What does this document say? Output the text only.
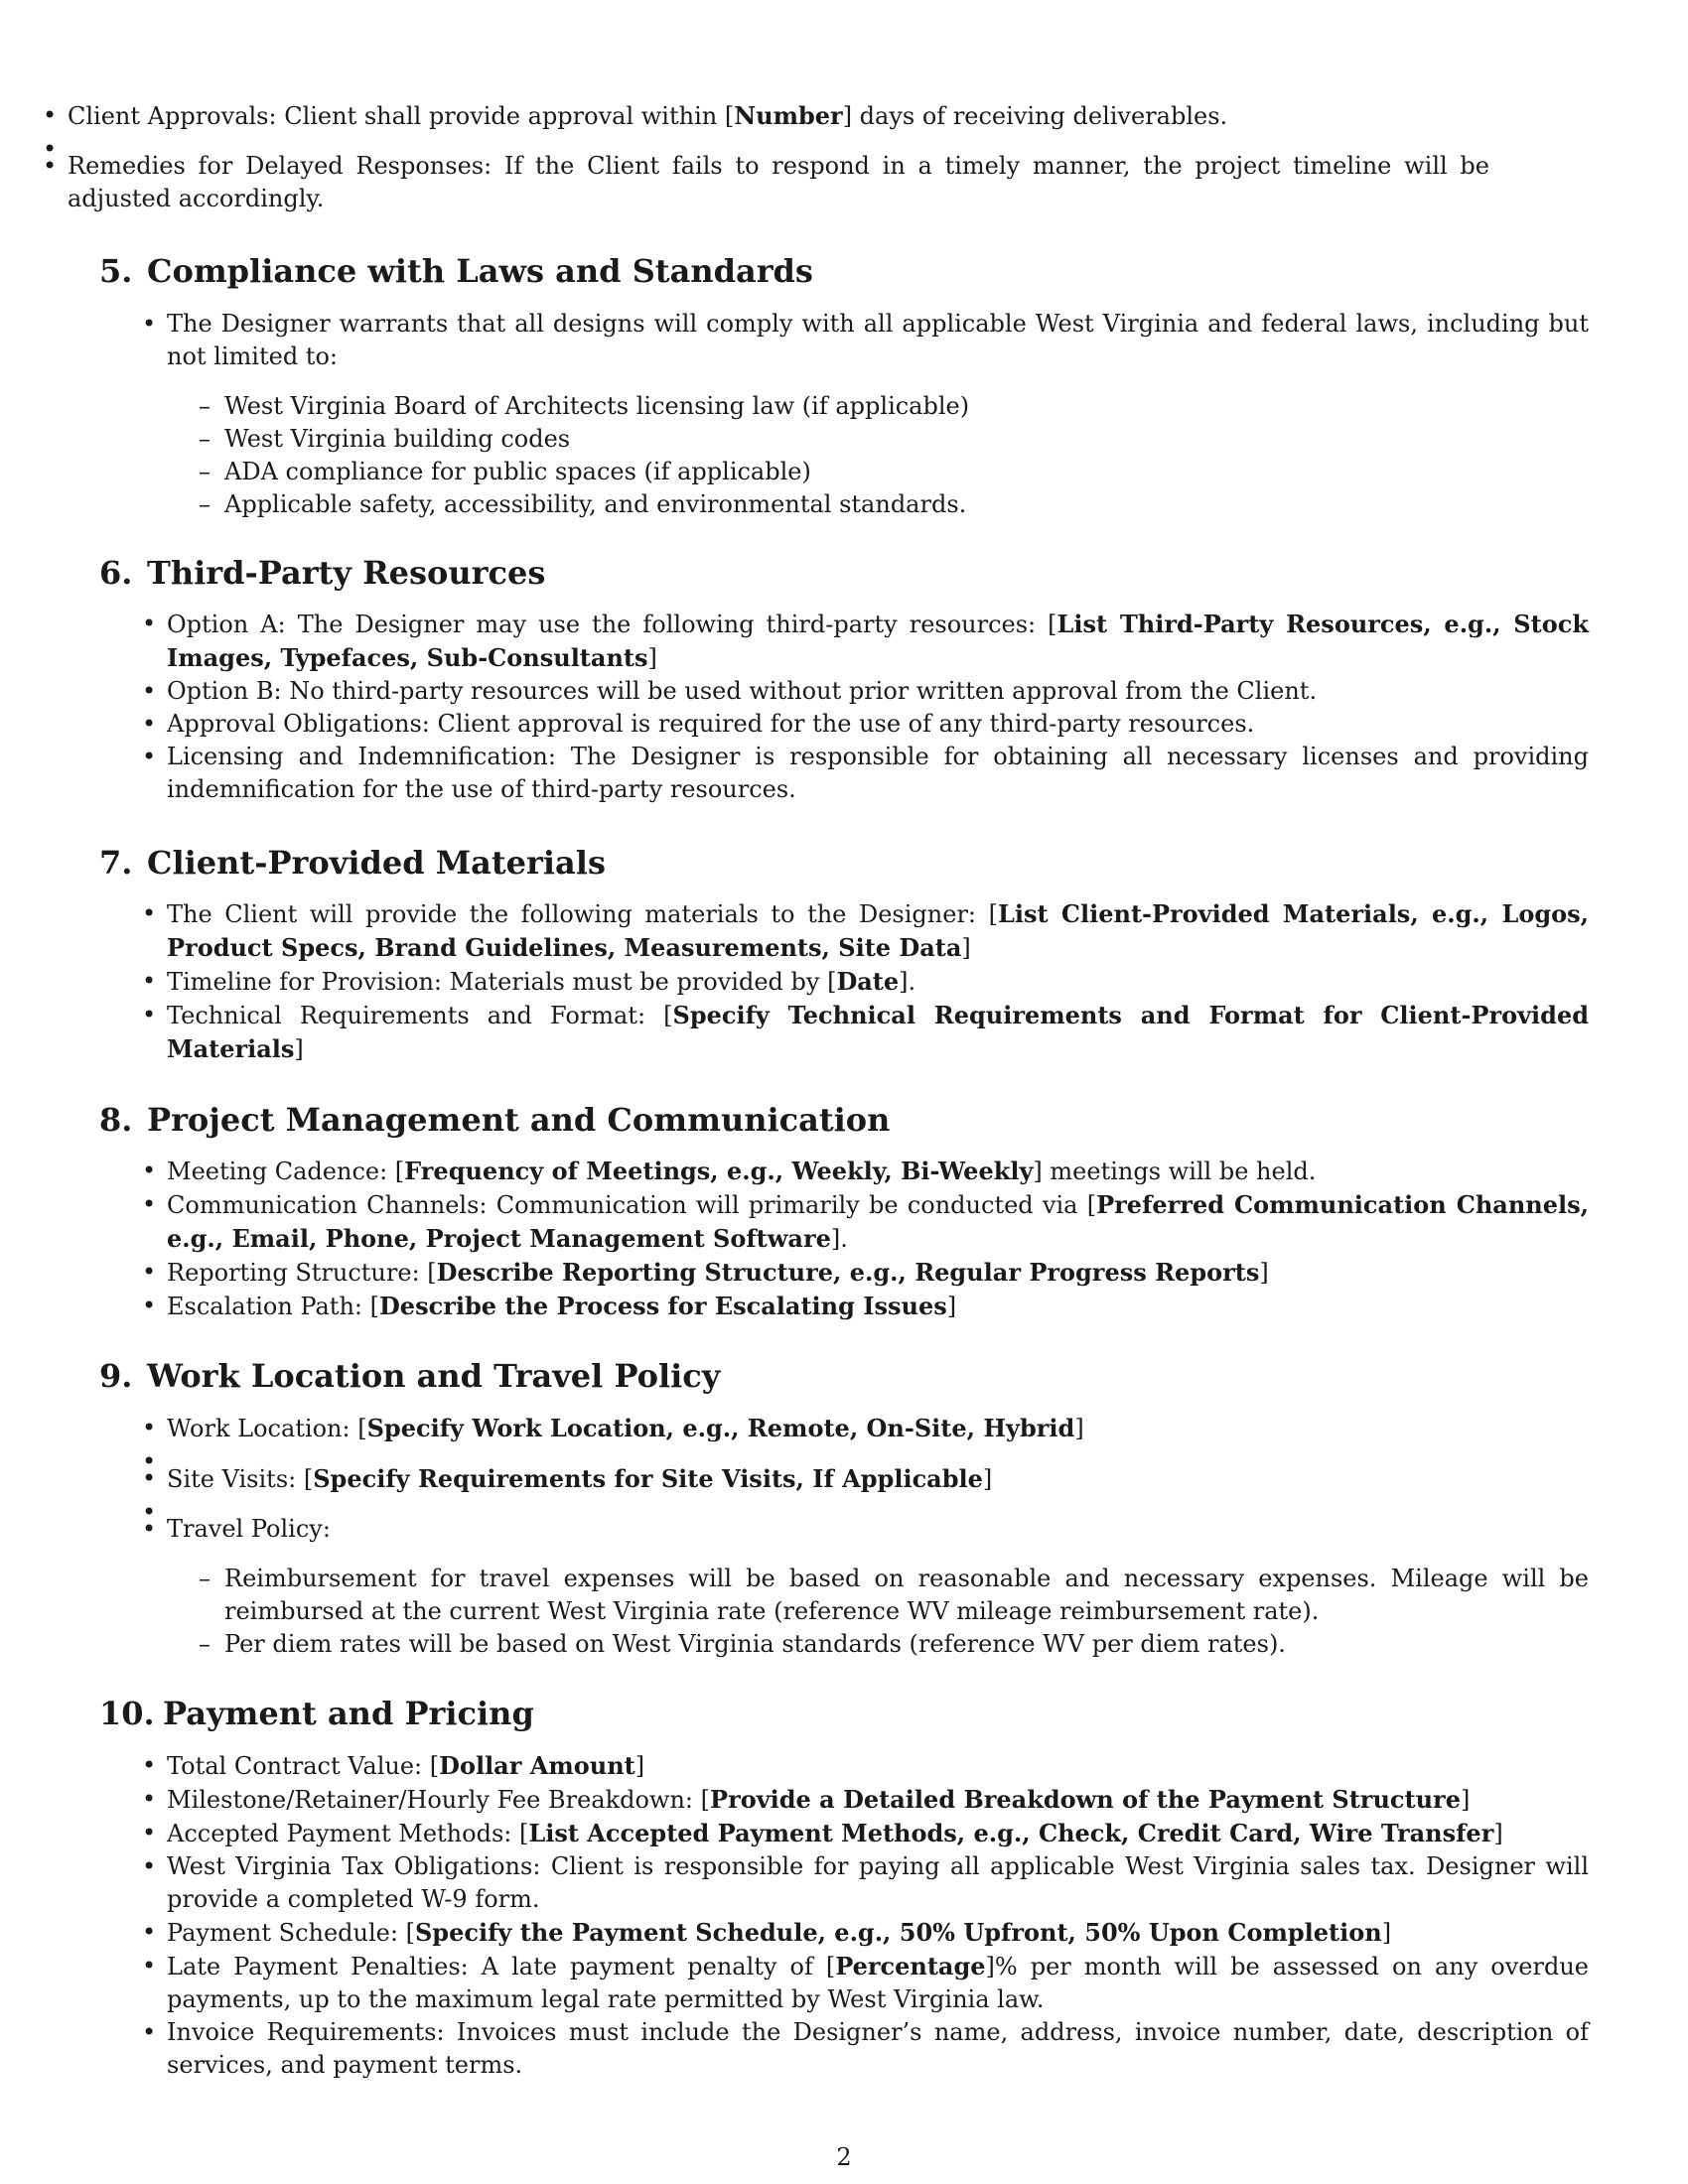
• Client Approvals: Client shall provide approval within [Number] days of receiving deliverables.
•
• Remedies for Delayed Responses: If the Client fails to respond in a timely manner, the project timeline will be adjusted accordingly.
5. Compliance with Laws and Standards
• The Designer warrants that all designs will comply with all applicable West Virginia and federal laws, including but not limited to:
– West Virginia Board of Architects licensing law (if applicable)
– West Virginia building codes
– ADA compliance for public spaces (if applicable)
– Applicable safety, accessibility, and environmental standards.
6. Third-Party Resources
• Option A: The Designer may use the following third-party resources: [List Third-Party Resources, e.g., Stock Images, Typefaces, Sub-Consultants]
• Option B: No third-party resources will be used without prior written approval from the Client.
• Approval Obligations: Client approval is required for the use of any third-party resources.
• Licensing and Indemnification: The Designer is responsible for obtaining all necessary licenses and providing indemnification for the use of third-party resources.
7. Client-Provided Materials
• The Client will provide the following materials to the Designer: [List Client-Provided Materials, e.g., Logos, Product Specs, Brand Guidelines, Measurements, Site Data]
• Timeline for Provision: Materials must be provided by [Date].
• Technical Requirements and Format: [Specify Technical Requirements and Format for Client-Provided Materials]
8. Project Management and Communication
• Meeting Cadence: [Frequency of Meetings, e.g., Weekly, Bi-Weekly] meetings will be held.
• Communication Channels: Communication will primarily be conducted via [Preferred Communication Channels, e.g., Email, Phone, Project Management Software].
• Reporting Structure: [Describe Reporting Structure, e.g., Regular Progress Reports]
• Escalation Path: [Describe the Process for Escalating Issues]
9. Work Location and Travel Policy
• Work Location: [Specify Work Location, e.g., Remote, On-Site, Hybrid]
•
• Site Visits: [Specify Requirements for Site Visits, If Applicable]
•
• Travel Policy:
– Reimbursement for travel expenses will be based on reasonable and necessary expenses. Mileage will be reimbursed at the current West Virginia rate (reference WV mileage reimbursement rate).
– Per diem rates will be based on West Virginia standards (reference WV per diem rates).
10. Payment and Pricing
• Total Contract Value: [Dollar Amount]
• Milestone/Retainer/Hourly Fee Breakdown: [Provide a Detailed Breakdown of the Payment Structure]
• Accepted Payment Methods: [List Accepted Payment Methods, e.g., Check, Credit Card, Wire Transfer]
• West Virginia Tax Obligations: Client is responsible for paying all applicable West Virginia sales tax. Designer will provide a completed W-9 form.
• Payment Schedule: [Specify the Payment Schedule, e.g., 50% Upfront, 50% Upon Completion]
• Late Payment Penalties: A late payment penalty of [Percentage]% per month will be assessed on any overdue payments, up to the maximum legal rate permitted by West Virginia law.
• Invoice Requirements: Invoices must include the Designer’s name, address, invoice number, date, description of services, and payment terms.
2
